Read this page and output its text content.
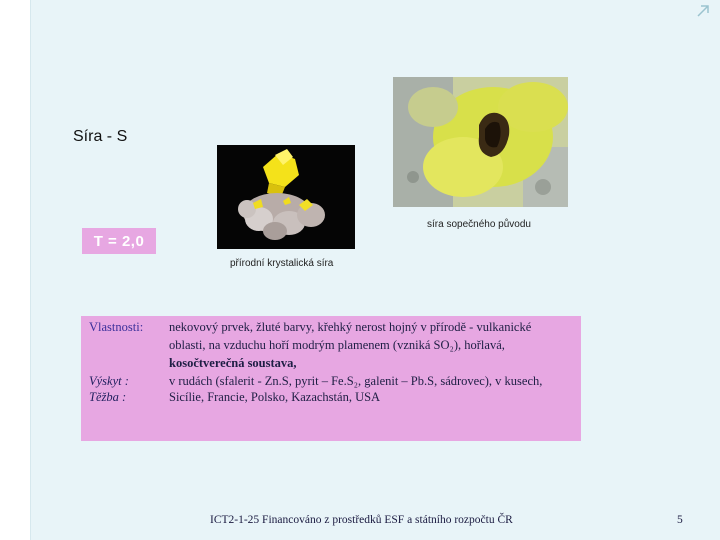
Síra - S
T = 2,0
síra sopečného původu
přírodní krystalická síra
Vlastnosti: nekovový prvek, žluté barvy, křehký nerost hojný v přírodě - vulkanické
oblasti, na vzduchu hoří modrým plamenem (vzniká SO₂), hořlavá,
kosočtverečná soustava,
Výskyt :	v rudách (sfalerit - Zn.S, pyrit – Fe.S₂, galenit – Pb.S, sádrovec), v kusech,
Těžba :	Sicílie, Francie, Polsko, Kazachstán, USA
ICT2-1-25 Financováno z prostředků ESF a státního rozpočtu ČR	5
